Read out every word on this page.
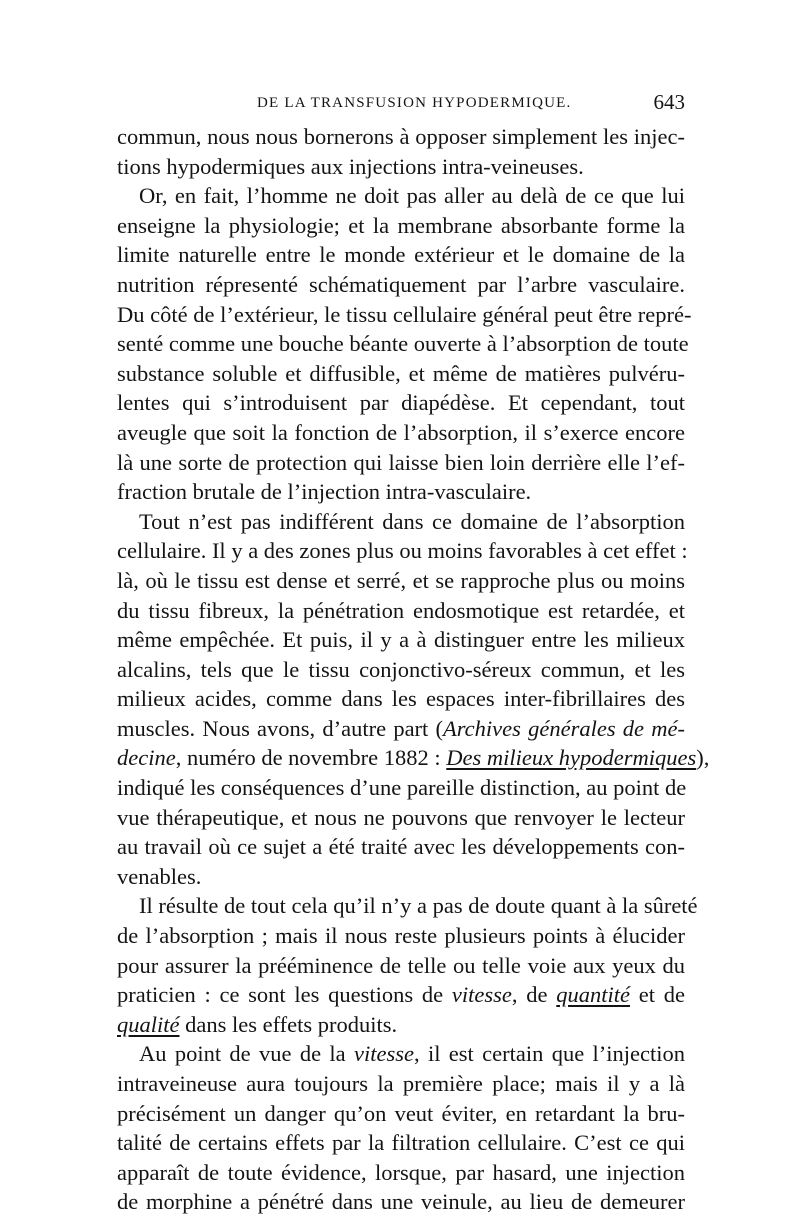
DE LA TRANSFUSION HYPODERMIQUE.	643
commun, nous nous bornerons à opposer simplement les injec-
tions hypodermiques aux injections intra-veineuses.
Or, en fait, l’homme ne doit pas aller au delà de ce que lui
enseigne la physiologie; et la membrane absorbante forme la
limite naturelle entre le monde extérieur et le domaine de la
nutrition répresenté schématiquement par l’arbre vasculaire.
Du côté de l’extérieur, le tissu cellulaire général peut être repré-
senté comme une bouche béante ouverte à l’absorption de toute
substance soluble et diffusible, et même de matières pulvéru-
lentes qui s’introduisent par diapédèse. Et cependant, tout
aveugle que soit la fonction de l’absorption, il s’exerce encore
là une sorte de protection qui laisse bien loin derrière elle l’ef-
fraction brutale de l’injection intra-vasculaire.
Tout n’est pas indifférent dans ce domaine de l’absorption
cellulaire. Il y a des zones plus ou moins favorables à cet effet :
là, où le tissu est dense et serré, et se rapproche plus ou moins
du tissu fibreux, la pénétration endosmotique est retardée, et
même empêchée. Et puis, il y a à distinguer entre les milieux
alcalins, tels que le tissu conjonctivo-séreux commun, et les
milieux acides, comme dans les espaces inter-fibrillaires des
muscles. Nous avons, d’autre part (Archives générales de mé-
decine, numéro de novembre 1882 : Des milieux hypodermiques),
indiqué les conséquences d’une pareille distinction, au point de
vue thérapeutique, et nous ne pouvons que renvoyer le lecteur
au travail où ce sujet a été traité avec les développements con-
venables.
Il résulte de tout cela qu’il n’y a pas de doute quant à la sûreté
de l’absorption ; mais il nous reste plusieurs points à élucider
pour assurer la prééminence de telle ou telle voie aux yeux du
praticien : ce sont les questions de vitesse, de quantité et de
qualité dans les effets produits.
Au point de vue de la vitesse, il est certain que l’injection
intraveineuse aura toujours la première place; mais il y a là
précisément un danger qu’on veut éviter, en retardant la bru-
talité de certains effets par la filtration cellulaire. C’est ce qui
apparaît de toute évidence, lorsque, par hasard, une injection
de morphine a pénétré dans une veinule, au lieu de demeurer
